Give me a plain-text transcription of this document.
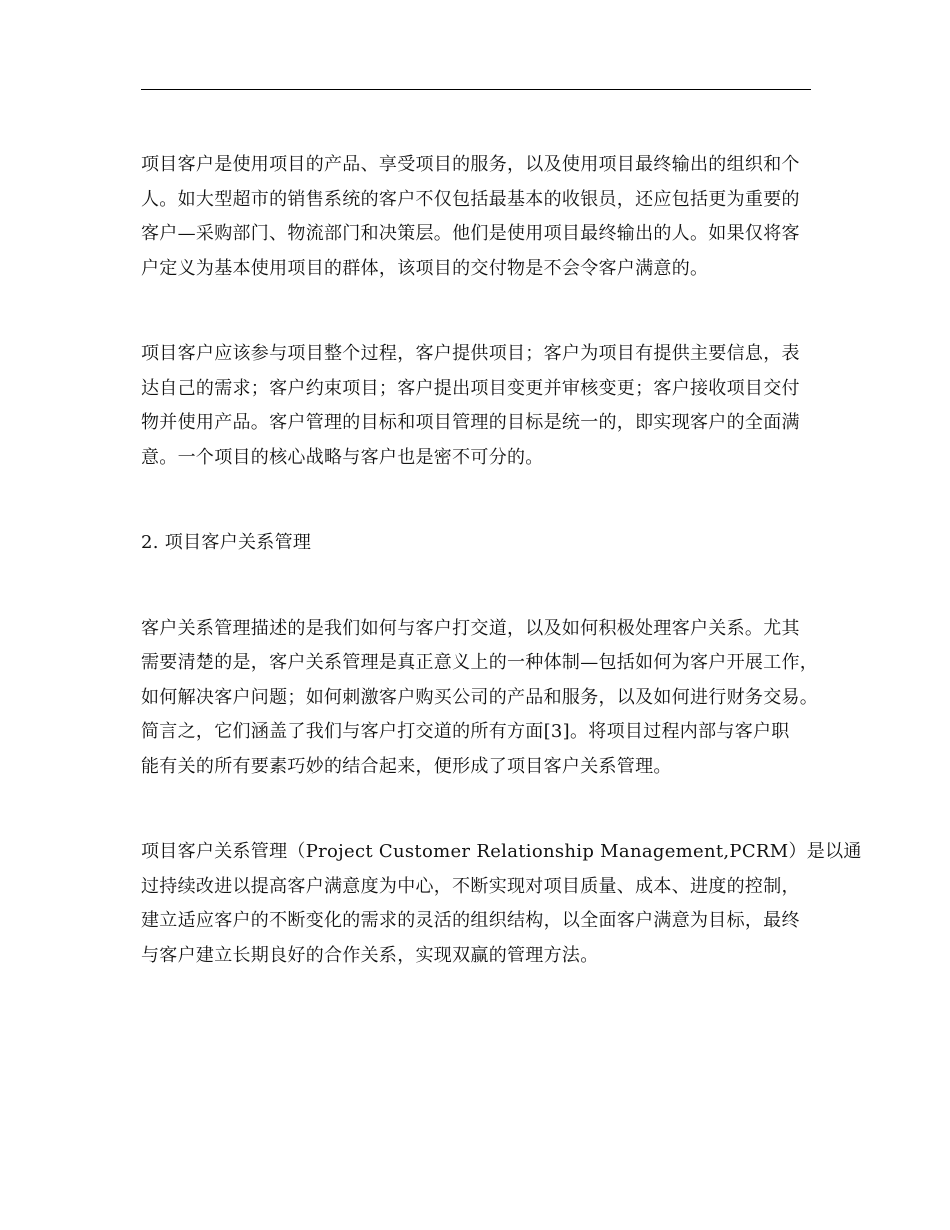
项目客户是使用项目的产品、享受项目的服务，以及使用项目最终输出的组织和个
人。如大型超市的销售系统的客户不仅包括最基本的收银员，还应包括更为重要的
客户—采购部门、物流部门和决策层。他们是使用项目最终输出的人。如果仅将客
户定义为基本使用项目的群体，该项目的交付物是不会令客户满意的。
项目客户应该参与项目整个过程，客户提供项目；客户为项目有提供主要信息，表
达自己的需求；客户约束项目；客户提出项目变更并审核变更；客户接收项目交付
物并使用产品。客户管理的目标和项目管理的目标是统一的，即实现客户的全面满
意。一个项目的核心战略与客户也是密不可分的。
2. 项目客户关系管理
客户关系管理描述的是我们如何与客户打交道，以及如何积极处理客户关系。尤其
需要清楚的是，客户关系管理是真正意义上的一种体制—包括如何为客户开展工作，
如何解决客户问题；如何刺激客户购买公司的产品和服务，以及如何进行财务交易。
简言之，它们涵盖了我们与客户打交道的所有方面[3]。将项目过程内部与客户职
能有关的所有要素巧妙的结合起来，便形成了项目客户关系管理。
项目客户关系管理（Project Customer Relationship Management,PCRM）是以通
过持续改进以提高客户满意度为中心，不断实现对项目质量、成本、进度的控制，
建立适应客户的不断变化的需求的灵活的组织结构，以全面客户满意为目标，最终
与客户建立长期良好的合作关系，实现双赢的管理方法。
